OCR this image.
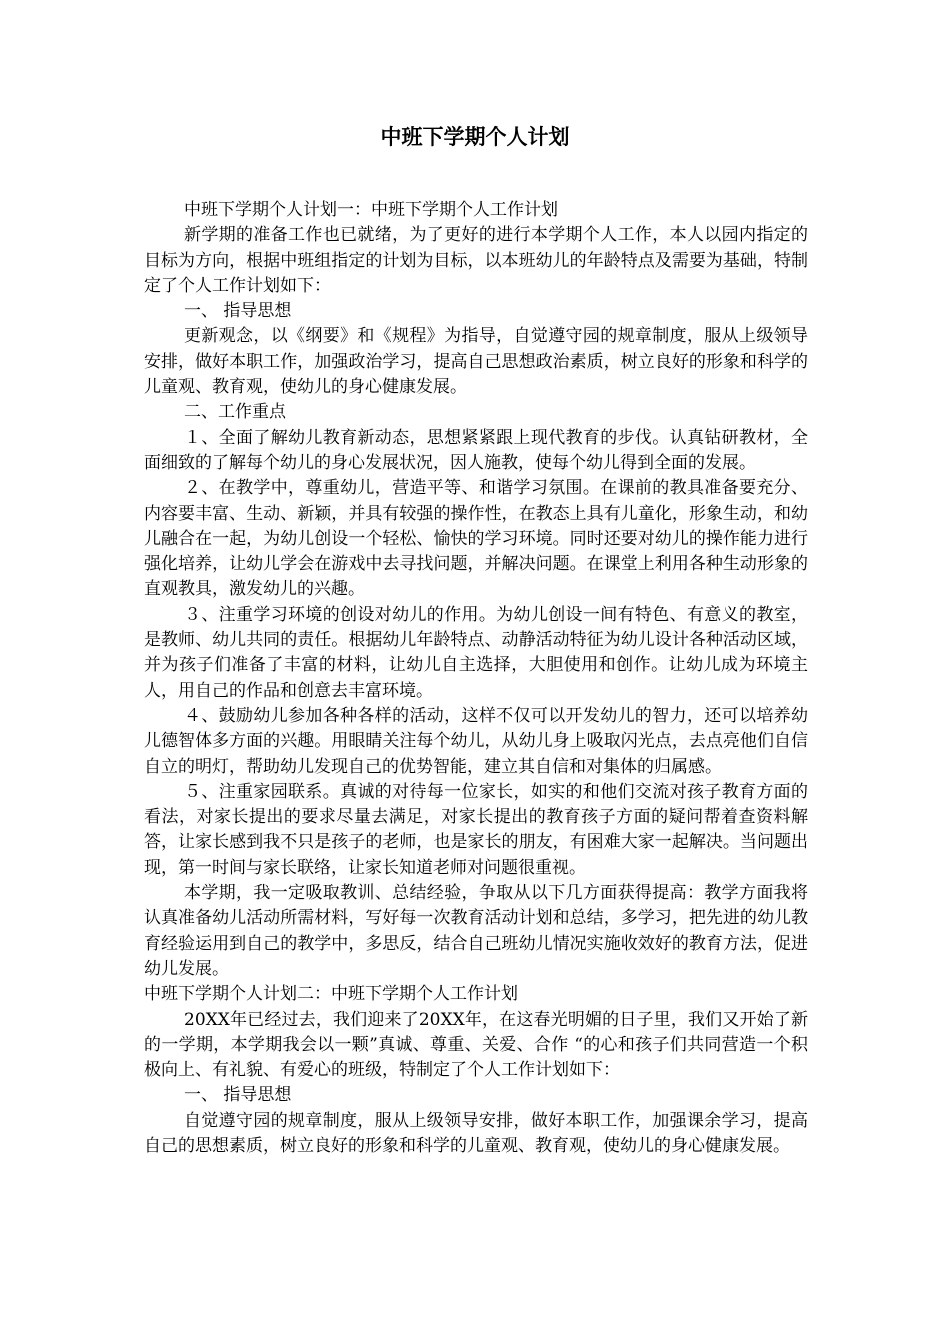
中班下学期个人计划

中班下学期个人计划一：中班下学期个人工作计划

新学期的准备工作也已就绪，为了更好的进行本学期个人工作，本人以园内指定的目标为方向，根据中班组指定的计划为目标，以本班幼儿的年龄特点及需要为基础，特制定了个人工作计划如下：

一、 指导思想

更新观念，以《纲要》和《规程》为指导，自觉遵守园的规章制度，服从上级领导安排，做好本职工作，加强政治学习，提高自己思想政治素质，树立良好的形象和科学的儿童观、教育观，使幼儿的身心健康发展。

二、工作重点

１、全面了解幼儿教育新动态，思想紧紧跟上现代教育的步伐。认真钻研教材，全面细致的了解每个幼儿的身心发展状况，因人施教，使每个幼儿得到全面的发展。

２、在教学中，尊重幼儿，营造平等、和谐学习氛围。在课前的教具准备要充分、内容要丰富、生动、新颖，并具有较强的操作性，在教态上具有儿童化，形象生动，和幼儿融合在一起，为幼儿创设一个轻松、愉快的学习环境。同时还要对幼儿的操作能力进行强化培养，让幼儿学会在游戏中去寻找问题，并解决问题。在课堂上利用各种生动形象的直观教具，激发幼儿的兴趣。

３、注重学习环境的创设对幼儿的作用。为幼儿创设一间有特色、有意义的教室，是教师、幼儿共同的责任。根据幼儿年龄特点、动静活动特征为幼儿设计各种活动区域，并为孩子们准备了丰富的材料，让幼儿自主选择，大胆使用和创作。让幼儿成为环境主人，用自己的作品和创意去丰富环境。

４、鼓励幼儿参加各种各样的活动，这样不仅可以开发幼儿的智力，还可以培养幼儿德智体多方面的兴趣。用眼睛关注每个幼儿，从幼儿身上吸取闪光点，去点亮他们自信自立的明灯，帮助幼儿发现自己的优势智能，建立其自信和对集体的归属感。

５、注重家园联系。真诚的对待每一位家长，如实的和他们交流对孩子教育方面的看法，对家长提出的要求尽量去满足，对家长提出的教育孩子方面的疑问帮着查资料解答，让家长感到我不只是孩子的老师，也是家长的朋友，有困难大家一起解决。当问题出现，第一时间与家长联络，让家长知道老师对问题很重视。

本学期，我一定吸取教训、总结经验，争取从以下几方面获得提高：教学方面我将认真准备幼儿活动所需材料，写好每一次教育活动计划和总结，多学习，把先进的幼儿教育经验运用到自己的教学中，多思反，结合自己班幼儿情况实施收效好的教育方法，促进幼儿发展。

中班下学期个人计划二：中班下学期个人工作计划

20XX年已经过去，我们迎来了20XX年，在这春光明媚的日子里，我们又开始了新的一学期，本学期我会以一颗”真诚、尊重、关爱、合作 “的心和孩子们共同营造一个积极向上、有礼貌、有爱心的班级，特制定了个人工作计划如下：

一、 指导思想

自觉遵守园的规章制度，服从上级领导安排，做好本职工作，加强课余学习，提高自己的思想素质，树立良好的形象和科学的儿童观、教育观，使幼儿的身心健康发展。
